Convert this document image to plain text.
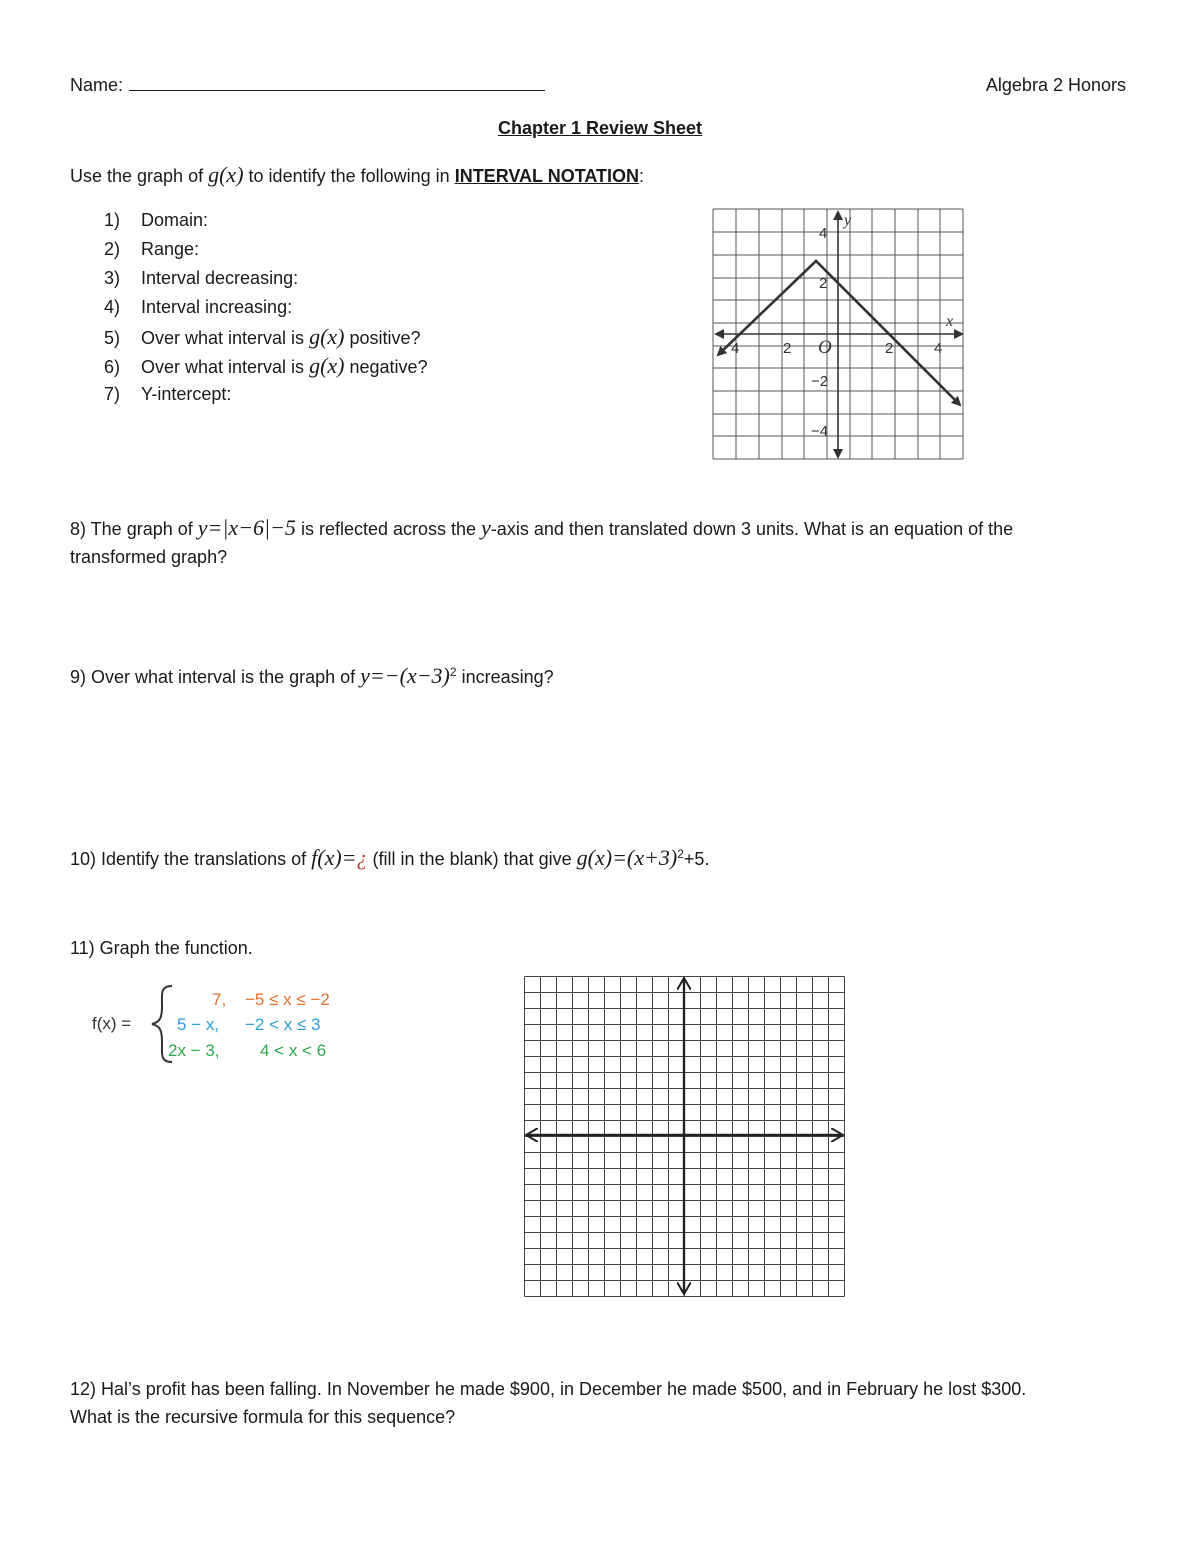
Name:	Algebra 2 Honors
Chapter 1 Review Sheet
Use the graph of g(x) to identify the following in INTERVAL NOTATION:
1) Domain:
2) Range:
3) Interval decreasing:
4) Interval increasing:
5) Over what interval is g(x) positive?
6) Over what interval is g(x) negative?
7) Y-intercept:
y
x
O
4	2	2	4
4
2
−2
−4
8) The graph of y=|x−6|−5 is reflected across the y-axis and then translated down 3 units. What is an equation of the
transformed graph?
9) Over what interval is the graph of $y=-(x-3)^2$ increasing?
10) Identify the translations of f(x)=¿ (fill in the blank) that give $g(x)=(x+3)^2+5$.
11) Graph the function.
f(x) =
7, −5 ≤ x ≤ −2
5 − x, −2 < x ≤ 3
2x − 3, 4 < x < 6
12) Hal’s profit has been falling. In November he made $900, in December he made $500, and in February he lost $300.
What is the recursive formula for this sequence?
